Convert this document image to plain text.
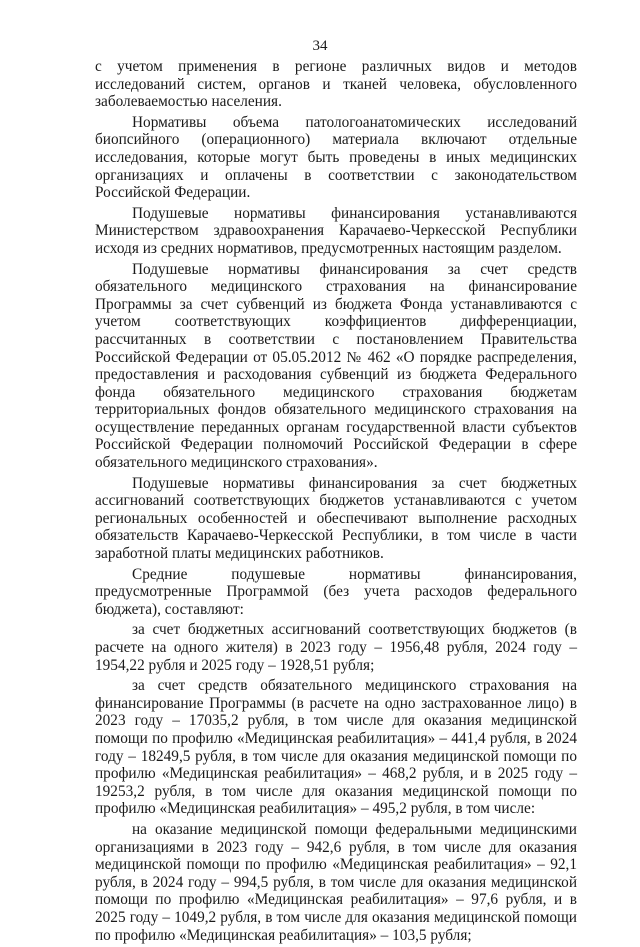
34

с учетом применения в регионе различных видов и методов исследований систем, органов и тканей человека, обусловленного заболеваемостью населения.

Нормативы объема патологоанатомических исследований биопсийного (операционного) материала включают отдельные исследования, которые могут быть проведены в иных медицинских организациях и оплачены в соответствии с законодательством Российской Федерации.

Подушевые нормативы финансирования устанавливаются Министерством здравоохранения Карачаево-Черкесской Республики исходя из средних нормативов, предусмотренных настоящим разделом.

Подушевые нормативы финансирования за счет средств обязательного медицинского страхования на финансирование Программы за счет субвенций из бюджета Фонда устанавливаются с учетом соответствующих коэффициентов дифференциации, рассчитанных в соответствии с постановлением Правительства Российской Федерации от 05.05.2012 № 462 «О порядке распределения, предоставления и расходования субвенций из бюджета Федерального фонда обязательного медицинского страхования бюджетам территориальных фондов обязательного медицинского страхования на осуществление переданных органам государственной власти субъектов Российской Федерации полномочий Российской Федерации в сфере обязательного медицинского страхования».

Подушевые нормативы финансирования за счет бюджетных ассигнований соответствующих бюджетов устанавливаются с учетом региональных особенностей и обеспечивают выполнение расходных обязательств Карачаево-Черкесской Республики, в том числе в части заработной платы медицинских работников.

Средние подушевые нормативы финансирования, предусмотренные Программой (без учета расходов федерального бюджета), составляют:

за счет бюджетных ассигнований соответствующих бюджетов (в расчете на одного жителя) в 2023 году – 1956,48 рубля, 2024 году – 1954,22 рубля и 2025 году – 1928,51 рубля;

за счет средств обязательного медицинского страхования на финансирование Программы (в расчете на одно застрахованное лицо) в 2023 году – 17035,2 рубля, в том числе для оказания медицинской помощи по профилю «Медицинская реабилитация» – 441,4 рубля, в 2024 году – 18249,5 рубля, в том числе для оказания медицинской помощи по профилю «Медицинская реабилитация» – 468,2 рубля, и в 2025 году – 19253,2 рубля, в том числе для оказания медицинской помощи по профилю «Медицинская реабилитация» – 495,2 рубля, в том числе:

на оказание медицинской помощи федеральными медицинскими организациями в 2023 году – 942,6 рубля, в том числе для оказания медицинской помощи по профилю «Медицинская реабилитация» – 92,1 рубля, в 2024 году – 994,5 рубля, в том числе для оказания медицинской помощи по профилю «Медицинская реабилитация» – 97,6 рубля, и в 2025 году – 1049,2 рубля, в том числе для оказания медицинской помощи по профилю «Медицинская реабилитация» – 103,5 рубля;
